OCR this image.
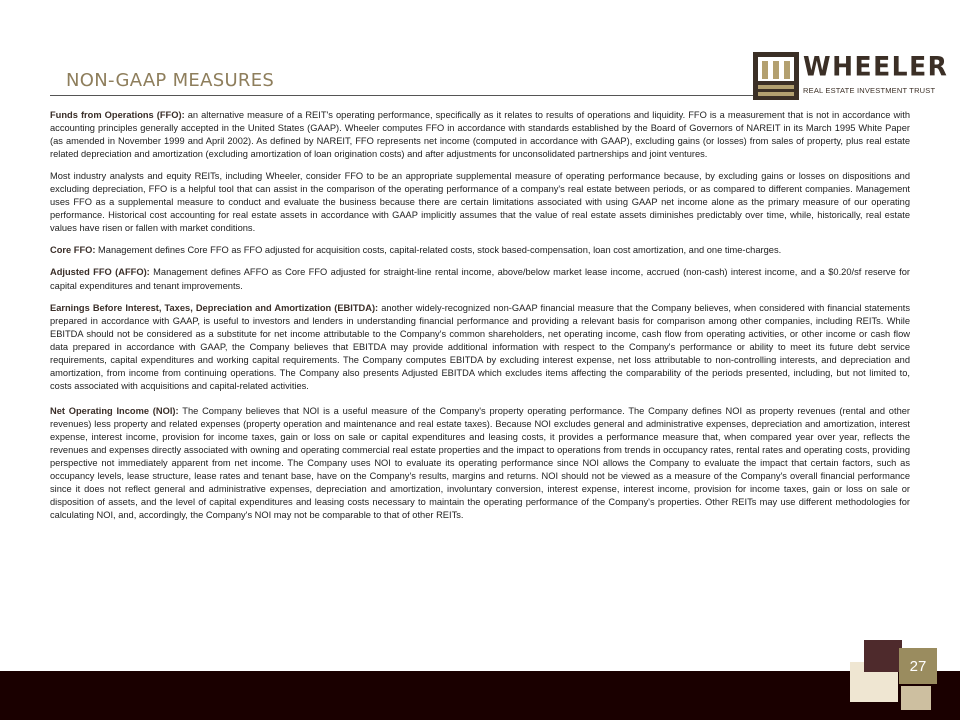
NON-GAAP MEASURES	WHEELER
REAL ESTATE INVESTMENT TRUST

Funds from Operations (FFO): an alternative measure of a REIT's operating performance, specifically as it relates to results of operations and liquidity. FFO is a measurement that is not in accordance with accounting principles generally accepted in the United States (GAAP). Wheeler computes FFO in accordance with standards established by the Board of Governors of NAREIT in its March 1995 White Paper (as amended in November 1999 and April 2002). As defined by NAREIT, FFO represents net income (computed in accordance with GAAP), excluding gains (or losses) from sales of property, plus real estate related depreciation and amortization (excluding amortization of loan origination costs) and after adjustments for unconsolidated partnerships and joint ventures.

Most industry analysts and equity REITs, including Wheeler, consider FFO to be an appropriate supplemental measure of operating performance because, by excluding gains or losses on dispositions and excluding depreciation, FFO is a helpful tool that can assist in the comparison of the operating performance of a company's real estate between periods, or as compared to different companies. Management uses FFO as a supplemental measure to conduct and evaluate the business because there are certain limitations associated with using GAAP net income alone as the primary measure of our operating performance. Historical cost accounting for real estate assets in accordance with GAAP implicitly assumes that the value of real estate assets diminishes predictably over time, while, historically, real estate values have risen or fallen with market conditions.

Core FFO: Management defines Core FFO as FFO adjusted for acquisition costs, capital-related costs, stock based-compensation, loan cost amortization, and one time-charges.

Adjusted FFO (AFFO): Management defines AFFO as Core FFO adjusted for straight-line rental income, above/below market lease income, accrued (non-cash) interest income, and a $0.20/sf reserve for capital expenditures and tenant improvements.

Earnings Before Interest, Taxes, Depreciation and Amortization (EBITDA): another widely-recognized non-GAAP financial measure that the Company believes, when considered with financial statements prepared in accordance with GAAP, is useful to investors and lenders in understanding financial performance and providing a relevant basis for comparison among other companies, including REITs. While EBITDA should not be considered as a substitute for net income attributable to the Company's common shareholders, net operating income, cash flow from operating activities, or other income or cash flow data prepared in accordance with GAAP, the Company believes that EBITDA may provide additional information with respect to the Company's performance or ability to meet its future debt service requirements, capital expenditures and working capital requirements. The Company computes EBITDA by excluding interest expense, net loss attributable to non-controlling interests, and depreciation and amortization, from income from continuing operations. The Company also presents Adjusted EBITDA which excludes items affecting the comparability of the periods presented, including, but not limited to, costs associated with acquisitions and capital-related activities.

Net Operating Income (NOI): The Company believes that NOI is a useful measure of the Company's property operating performance. The Company defines NOI as property revenues (rental and other revenues) less property and related expenses (property operation and maintenance and real estate taxes). Because NOI excludes general and administrative expenses, depreciation and amortization, interest expense, interest income, provision for income taxes, gain or loss on sale or capital expenditures and leasing costs, it provides a performance measure that, when compared year over year, reflects the revenues and expenses directly associated with owning and operating commercial real estate properties and the impact to operations from trends in occupancy rates, rental rates and operating costs, providing perspective not immediately apparent from net income. The Company uses NOI to evaluate its operating performance since NOI allows the Company to evaluate the impact that certain factors, such as occupancy levels, lease structure, lease rates and tenant base, have on the Company's results, margins and returns. NOI should not be viewed as a measure of the Company's overall financial performance since it does not reflect general and administrative expenses, depreciation and amortization, involuntary conversion, interest expense, interest income, provision for income taxes, gain or loss on sale or disposition of assets, and the level of capital expenditures and leasing costs necessary to maintain the operating performance of the Company's properties. Other REITs may use different methodologies for calculating NOI, and, accordingly, the Company's NOI may not be comparable to that of other REITs.

27
